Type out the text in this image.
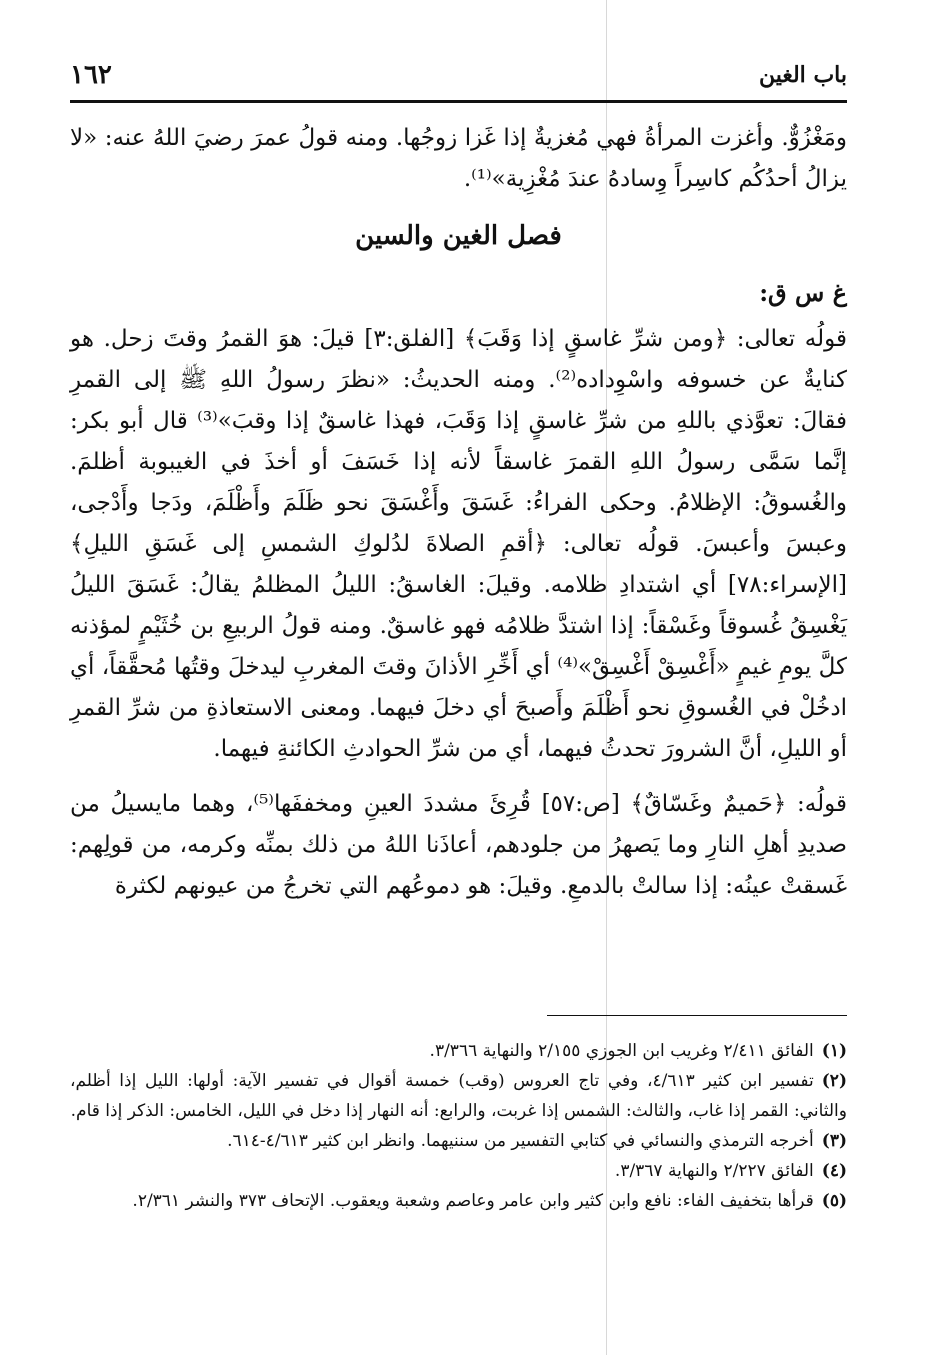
١٦٢	باب الغين

ومَغْزُوٌّ. وأغزت المرأةُ فهي مُغزيةٌ إذا غَزا زوجُها. ومنه قولُ عمرَ رضيَ اللهُ عنه: «لا يزالُ أحدُكُم كاسِراً وِسادهُ عندَ مُغْزِية»⁽¹⁾.

فصل الغين والسين

غ س ق:

قولُه تعالى: ﴿ومن شرِّ غاسقٍ إذا وَقَبَ﴾ [الفلق:٣] قيلَ: هوَ القمرُ وقتَ زحل. هو كنايةٌ عن خسوفه واسْوِداده⁽²⁾. ومنه الحديثُ: «نظرَ رسولُ اللهِ ﷺ إلى القمرِ فقالَ: تعوَّذي باللهِ من شرِّ غاسقٍ إذا وَقَبَ، فهذا غاسقٌ إذا وقبَ»⁽³⁾ قال أبو بكر: إنَّما سَمَّى رسولُ اللهِ القمرَ غاسقاً لأنه إذا خَسَفَ أو أخذَ في الغيبوبة أظلمَ. والغُسوقُ: الإظلامُ. وحكى الفراءُ: غَسَقَ وأَغْسَقَ نحو ظَلَمَ وأَظْلَمَ، ودَجا وأَدْجى، وعبسَ وأعبسَ. قولُه تعالى: ﴿أقمِ الصلاةَ لدُلوكِ الشمسِ إلى غَسَقِ الليلِ﴾ [الإسراء:٧٨] أي اشتدادِ ظلامه. وقيلَ: الغاسقُ: الليلُ المظلمُ يقالُ: غَسَقَ الليلُ يَغْسِقُ غُسوقاً وغَسْقاً: إذا اشتدَّ ظلامُه فهو غاسقٌ. ومنه قولُ الربيعِ بن خُثَيْمٍ لمؤذنه كلَّ يومِ غيمٍ «أَغْسِقْ أَغْسِقْ»⁽⁴⁾ أي أَخِّرِ الأذانَ وقتَ المغربِ ليدخلَ وقتُها مُحقَّقاً، أي ادخُلْ في الغُسوقِ نحو أَظْلَمَ وأَصبحَ أي دخلَ فيهما. ومعنى الاستعاذةِ من شرِّ القمرِ أو الليلِ، أنَّ الشرورَ تحدثُ فيهما، أي من شرِّ الحوادثِ الكائنةِ فيهما.

قولُه: ﴿حَميمٌ وغَسّاقٌ﴾ [ص:٥٧] قُرِئَ مشددَ العينِ ومخففَها⁽⁵⁾، وهما مايسيلُ من صديدِ أهلِ النارِ وما يَصهرُ من جلودهم، أعاذَنا اللهُ من ذلك بمنِّه وكرمه، من قولِهم: غَسقتْ عينُه: إذا سالتْ بالدمعِ. وقيلَ: هو دموعُهم التي تخرجُ من عيونهم لكثرة

(١)الفائق ٢/٤١١ وغريب ابن الجوزي ٢/١٥٥ والنهاية ٣/٣٦٦.

(٢)تفسير ابن كثير ٤/٦١٣، وفي تاج العروس (وقب) خمسة أقوال في تفسير الآية: أولها: الليل إذا أظلم، والثاني: القمر إذا غاب، والثالث: الشمس إذا غربت، والرابع: أنه النهار إذا دخل في الليل، الخامس: الذكر إذا قام.

(٣)أخرجه الترمذي والنسائي في كتابي التفسير من سننيهما. وانظر ابن كثير ٤/٦١٣-٦١٤.

(٤)الفائق ٢/٢٢٧ والنهاية ٣/٣٦٧.

(٥)قرأها بتخفيف الفاء: نافع وابن كثير وابن عامر وعاصم وشعبة ويعقوب. الإتحاف ٣٧٣ والنشر ٢/٣٦١.
